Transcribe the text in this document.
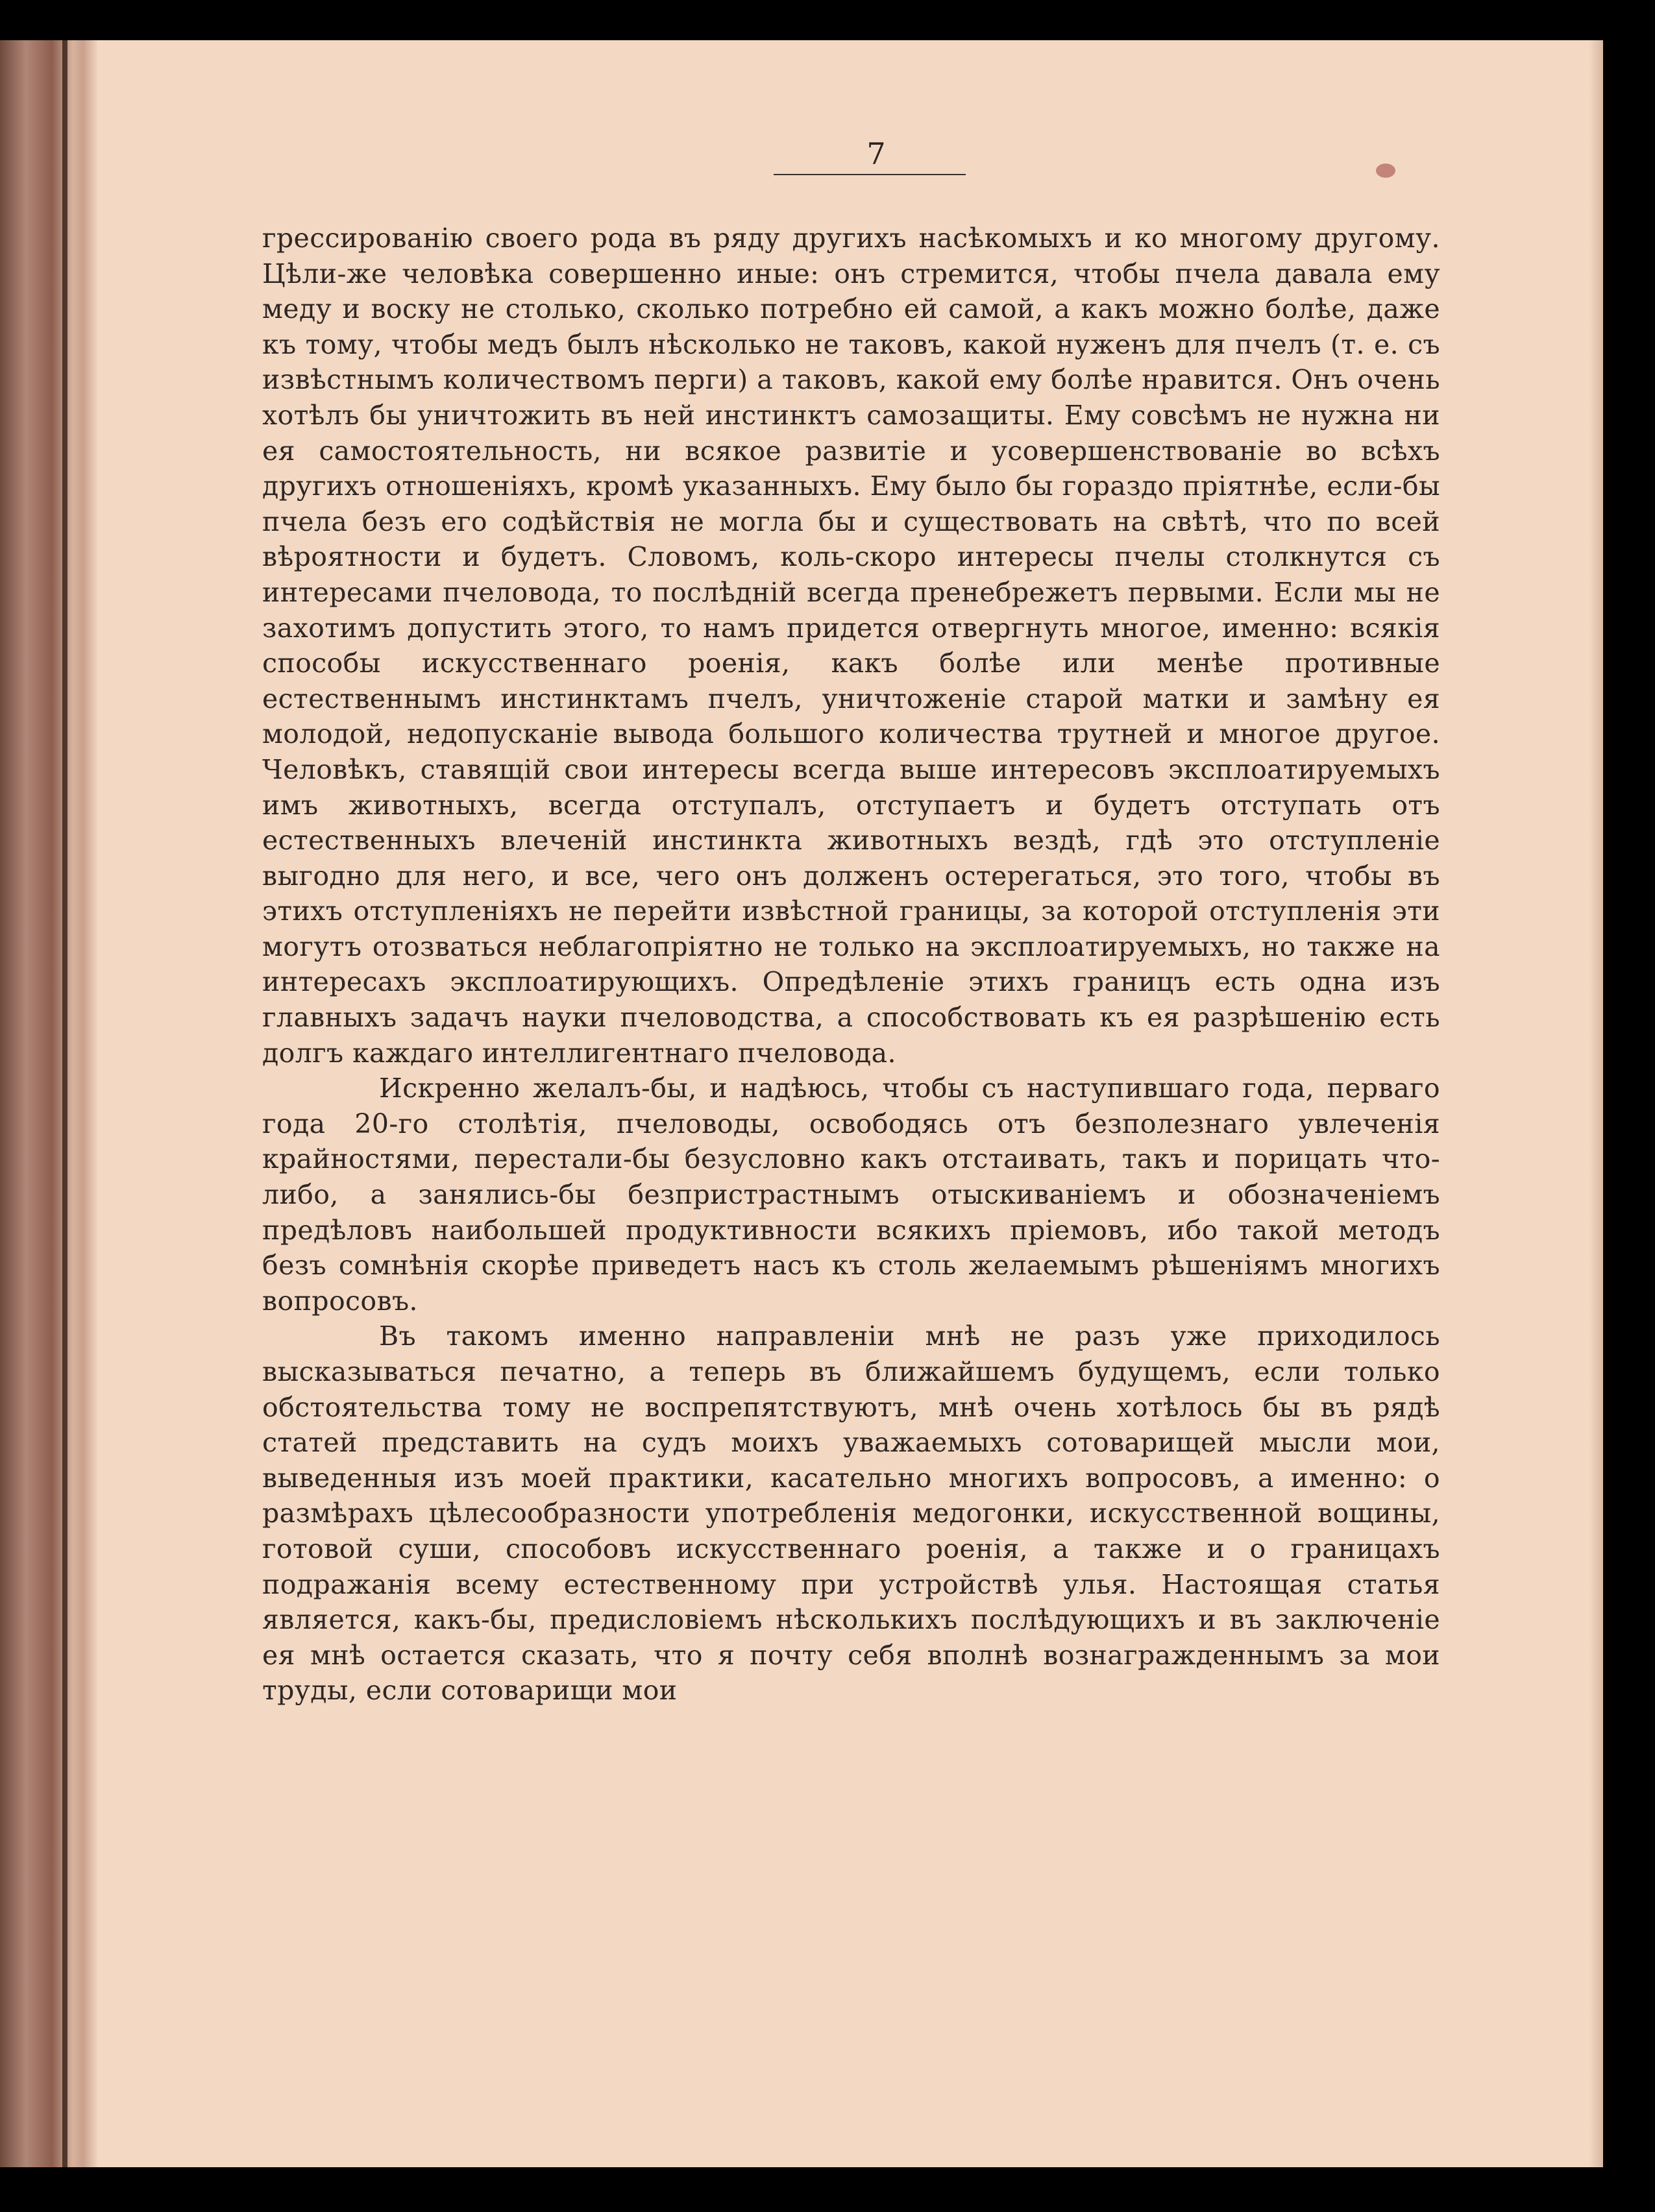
7

грессированію своего рода въ ряду другихъ насѣкомыхъ и ко многому другому. Цѣли-же человѣка совершенно иные: онъ стремится, чтобы пчела давала ему меду и воску не столько, сколько потребно ей самой, а какъ можно болѣе, даже къ тому, чтобы медъ былъ нѣсколько не таковъ, какой нуженъ для пчелъ (т. е. съ извѣстнымъ количествомъ перги) а таковъ, какой ему болѣе нравится. Онъ очень хотѣлъ бы уничтожить въ ней инстинктъ самозащиты. Ему совсѣмъ не нужна ни ея самостоятельность, ни всякое развитіе и усовершенствованіе во всѣхъ другихъ отношеніяхъ, кромѣ указанныхъ. Ему было бы гораздо пріятнѣе, если-бы пчела безъ его содѣйствія не могла бы и существовать на свѣтѣ, что по всей вѣроятности и будетъ. Словомъ, коль-скоро интересы пчелы столкнутся съ интересами пчеловода, то послѣдній всегда пренебрежетъ первыми. Если мы не захотимъ допустить этого, то намъ придется отвергнуть многое, именно: всякія способы искусственнаго роенія, какъ болѣе или менѣе противные естественнымъ инстинктамъ пчелъ, уничтоженіе старой матки и замѣну ея молодой, недопусканіе вывода большого количества трутней и многое другое. Человѣкъ, ставящій свои интересы всегда выше интересовъ эксплоатируемыхъ имъ животныхъ, всегда отступалъ, отступаетъ и будетъ отступать отъ естественныхъ влеченій инстинкта животныхъ вездѣ, гдѣ это отступленіе выгодно для него, и все, чего онъ долженъ остерегаться, это того, чтобы въ этихъ отступленіяхъ не перейти извѣстной границы, за которой отступленія эти могутъ отозваться неблагопріятно не только на эксплоатируемыхъ, но также на интересахъ эксплоатирующихъ. Опредѣленіе этихъ границъ есть одна изъ главныхъ задачъ науки пчеловодства, а способствовать къ ея разрѣшенію есть долгъ каждаго интеллигентнаго пчеловода.

Искренно желалъ-бы, и надѣюсь, чтобы съ наступившаго года, перваго года 20-го столѣтія, пчеловоды, освободясь отъ безполезнаго увлеченія крайностями, перестали-бы безусловно какъ отстаивать, такъ и порицать что-либо, а занялись-бы безпристрастнымъ отыскиваніемъ и обозначеніемъ предѣловъ наибольшей продуктивности всякихъ пріемовъ, ибо такой методъ безъ сомнѣнія скорѣе приведетъ насъ къ столь желаемымъ рѣшеніямъ многихъ вопросовъ.

Въ такомъ именно направленіи мнѣ не разъ уже приходилось высказываться печатно, а теперь въ ближайшемъ будущемъ, если только обстоятельства тому не воспрепятствуютъ, мнѣ очень хотѣлось бы въ рядѣ статей представить на судъ моихъ уважаемыхъ сотоварищей мысли мои, выведенныя изъ моей практики, касательно многихъ вопросовъ, а именно: о размѣрахъ цѣлесообразности употребленія медогонки, искусственной вощины, готовой суши, способовъ искусственнаго роенія, а также и о границахъ подражанія всему естественному при устройствѣ улья. Настоящая статья является, какъ-бы, предисловіемъ нѣсколькихъ послѣдующихъ и въ заключеніе ея мнѣ остается сказать, что я почту себя вполнѣ вознагражденнымъ за мои труды, если сотоварищи мои
